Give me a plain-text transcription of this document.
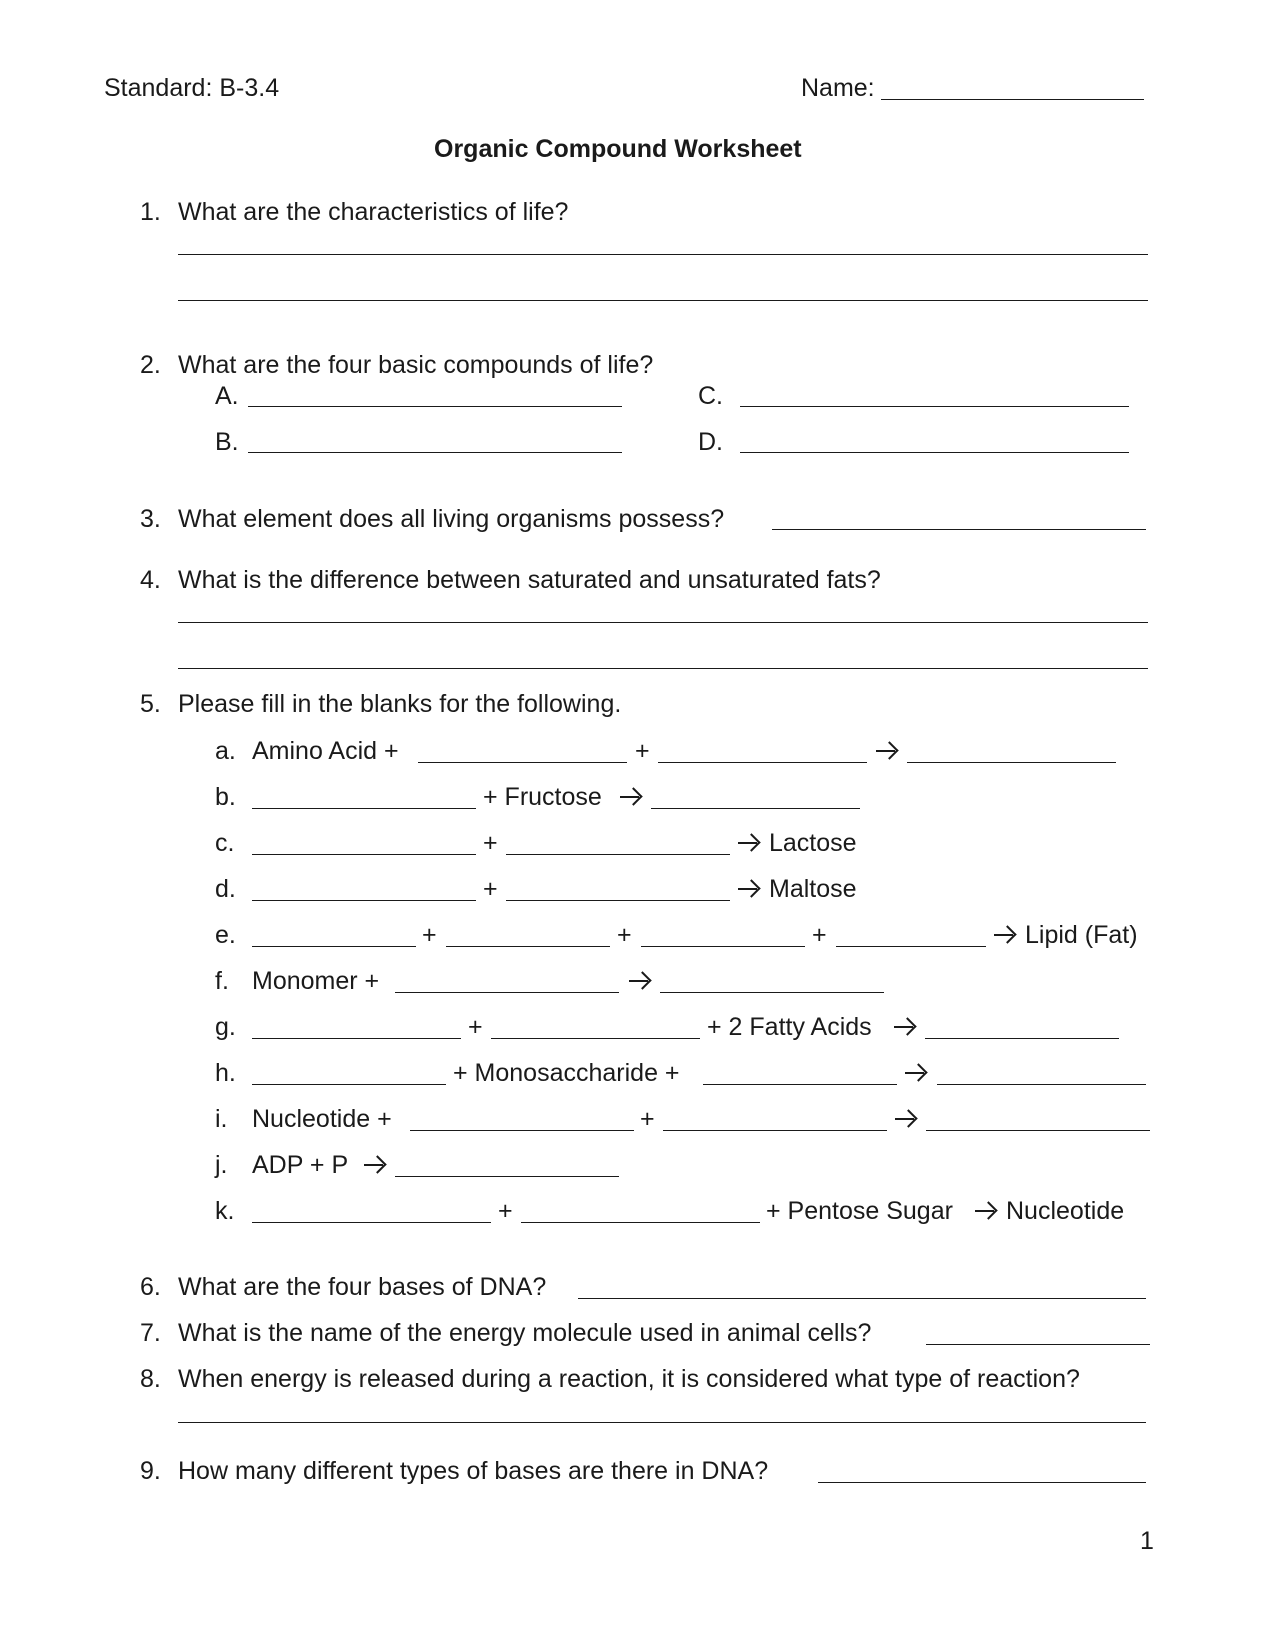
Standard: B-3.4	Name:
Organic Compound Worksheet
1. What are the characteristics of life?
2. What are the four basic compounds of life?
A.	C.
B.	D.
3. What element does all living organisms possess?
4. What is the difference between saturated and unsaturated fats?
5. Please fill in the blanks for the following.
a. Amino Acid +	+
b.	+ Fructose
c.	+	Lactose
d.	+	Maltose
e.	+	+	+	Lipid (Fat)
f. Monomer +
g.	+	+ 2 Fatty Acids
h.	+ Monosaccharide +
i. Nucleotide +	+
j. ADP + P
k.	+	+ Pentose Sugar Nucleotide
6. What are the four bases of DNA?
7. What is the name of the energy molecule used in animal cells?
8. When energy is released during a reaction, it is considered what type of reaction?
9. How many different types of bases are there in DNA?
1
